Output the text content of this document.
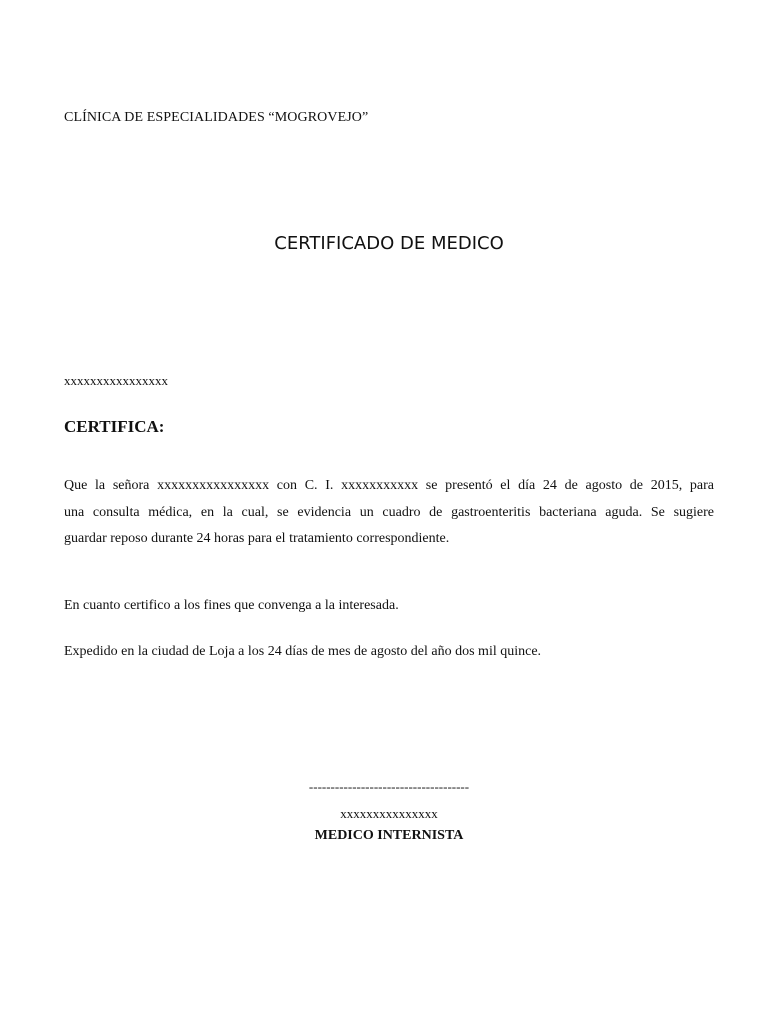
CLÍNICA DE ESPECIALIDADES “MOGROVEJO”
CERTIFICADO DE MEDICO
xxxxxxxxxxxxxxxx
CERTIFICA:
Que la señora xxxxxxxxxxxxxxxx con C. I. xxxxxxxxxxx se presentó el día 24 de agosto de 2015, para
una consulta médica, en la cual, se evidencia un cuadro de gastroenteritis bacteriana aguda. Se sugiere
guardar reposo durante 24 horas para el tratamiento correspondiente.
En cuanto certifico a los fines que convenga a la interesada.
Expedido en la ciudad de Loja a los 24 días de mes de agosto del año dos mil quince.
-------------------------------------
xxxxxxxxxxxxxxx
MEDICO INTERNISTA
